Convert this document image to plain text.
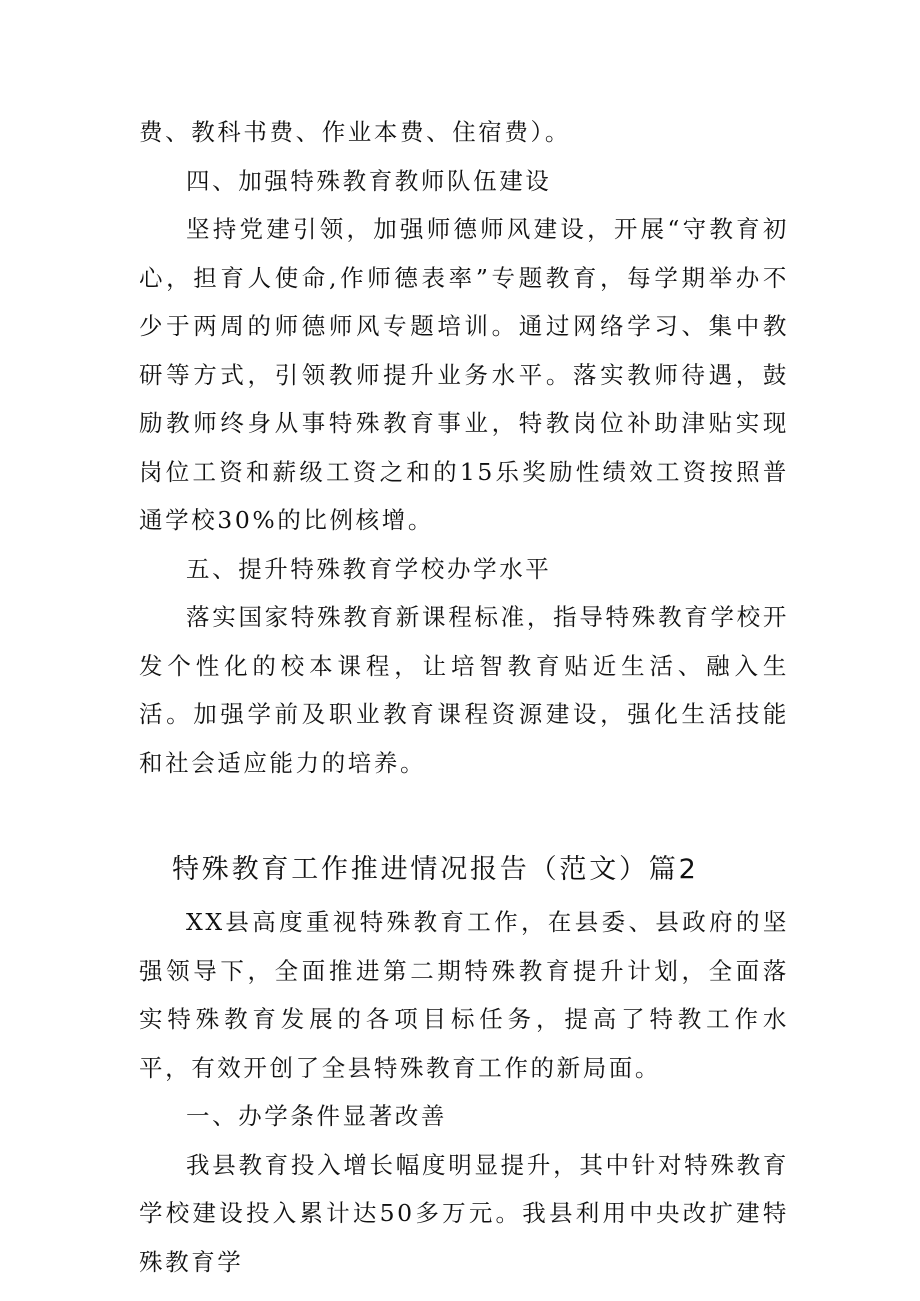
费、教科书费、作业本费、住宿费）。

四、加强特殊教育教师队伍建设

坚持党建引领，加强师德师风建设，开展“守教育初心，担育人使命,作师德表率”专题教育，每学期举办不少于两周的师德师风专题培训。通过网络学习、集中教研等方式，引领教师提升业务水平。落实教师待遇，鼓励教师终身从事特殊教育事业，特教岗位补助津贴实现岗位工资和薪级工资之和的15乐奖励性绩效工资按照普通学校30%的比例核增。

五、提升特殊教育学校办学水平

落实国家特殊教育新课程标准，指导特殊教育学校开发个性化的校本课程，让培智教育贴近生活、融入生活。加强学前及职业教育课程资源建设，强化生活技能和社会适应能力的培养。

特殊教育工作推进情况报告（范文）篇2

XX县高度重视特殊教育工作，在县委、县政府的坚强领导下，全面推进第二期特殊教育提升计划，全面落实特殊教育发展的各项目标任务，提高了特教工作水平，有效开创了全县特殊教育工作的新局面。

一、办学条件显著改善

我县教育投入增长幅度明显提升，其中针对特殊教育学校建设投入累计达50多万元。我县利用中央改扩建特殊教育学
